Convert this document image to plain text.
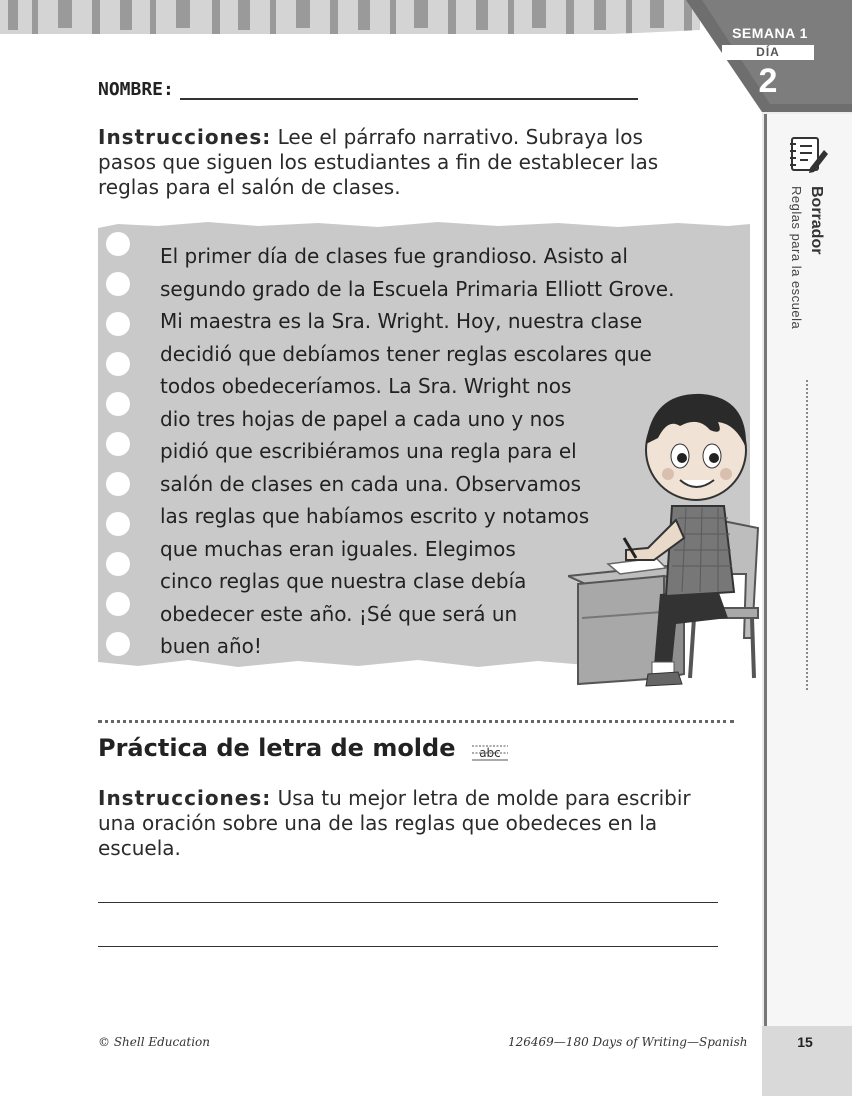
SEMANA 1
DÍA
2
Borrador
Reglas para la escuela
NOMBRE:
Instrucciones: Lee el párrafo narrativo. Subraya los
pasos que siguen los estudiantes a fin de establecer las
reglas para el salón de clases.
El primer día de clases fue grandioso. Asisto al
segundo grado de la Escuela Primaria Elliott Grove.
Mi maestra es la Sra. Wright. Hoy, nuestra clase
decidió que debíamos tener reglas escolares que
todos obedeceríamos. La Sra. Wright nos
dio tres hojas de papel a cada uno y nos
pidió que escribiéramos una regla para el
salón de clases en cada una. Observamos
las reglas que habíamos escrito y notamos
que muchas eran iguales. Elegimos
cinco reglas que nuestra clase debía
obedecer este año. ¡Sé que será un
buen año!
Práctica de letra de molde	abc
Instrucciones: Usa tu mejor letra de molde para escribir
una oración sobre una de las reglas que obedeces en la
escuela.
© Shell Education	126469—180 Days of Writing—Spanish	15
